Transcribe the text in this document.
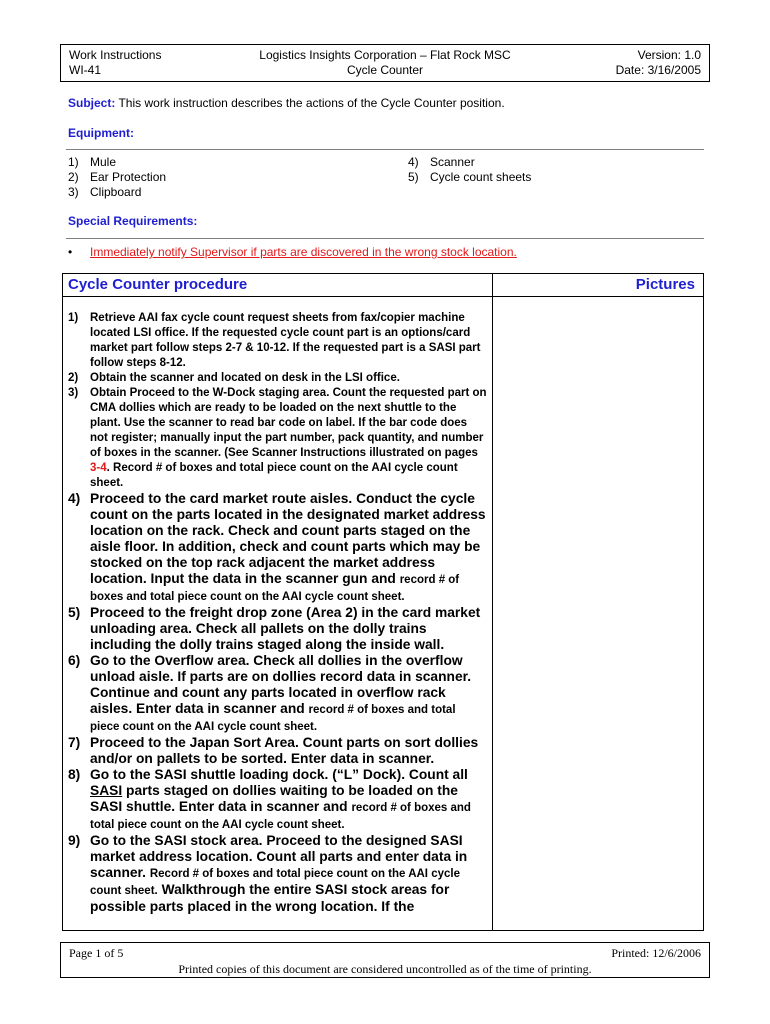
Work Instructions
WI-41
Logistics Insights Corporation – Flat Rock MSC
Cycle Counter
Version: 1.0
Date: 3/16/2005
Subject: This work instruction describes the actions of the Cycle Counter position.
Equipment:
1) Mule
2) Ear Protection
3) Clipboard
4) Scanner
5) Cycle count sheets
Special Requirements:
•	Immediately notify Supervisor if parts are discovered in the wrong stock location.
Cycle Counter procedure	Pictures
1)	Retrieve AAI fax cycle count request sheets from fax/copier machine located LSI office. If the requested cycle count part is an options/card market part follow steps 2-7 & 10-12. If the requested part is a SASI part follow steps 8-12.
2)	Obtain the scanner and located on desk in the LSI office.
3)	Obtain Proceed to the W-Dock staging area. Count the requested part on CMA dollies which are ready to be loaded on the next shuttle to the plant. Use the scanner to read bar code on label. If the bar code does not register; manually input the part number, pack quantity, and number of boxes in the scanner. (See Scanner Instructions illustrated on pages 3-4. Record # of boxes and total piece count on the AAI cycle count sheet.
4) Proceed to the card market route aisles. Conduct the cycle count on the parts located in the designated market address location on the rack. Check and count parts staged on the aisle floor. In addition, check and count parts which may be stocked on the top rack adjacent the market address location. Input the data in the scanner gun and record # of boxes and total piece count on the AAI cycle count sheet.
5) Proceed to the freight drop zone (Area 2) in the card market unloading area. Check all pallets on the dolly trains including the dolly trains staged along the inside wall.
6) Go to the Overflow area. Check all dollies in the overflow unload aisle. If parts are on dollies record data in scanner. Continue and count any parts located in overflow rack aisles. Enter data in scanner and record # of boxes and total piece count on the AAI cycle count sheet.
7) Proceed to the Japan Sort Area. Count parts on sort dollies and/or on pallets to be sorted. Enter data in scanner.
8) Go to the SASI shuttle loading dock. (“L” Dock). Count all SASI parts staged on dollies waiting to be loaded on the SASI shuttle. Enter data in scanner and record # of boxes and total piece count on the AAI cycle count sheet.
9) Go to the SASI stock area. Proceed to the designed SASI market address location. Count all parts and enter data in scanner. Record # of boxes and total piece count on the AAI cycle count sheet. Walkthrough the entire SASI stock areas for possible parts placed in the wrong location. If the
Page 1 of 5	Printed: 12/6/2006
Printed copies of this document are considered uncontrolled as of the time of printing.
